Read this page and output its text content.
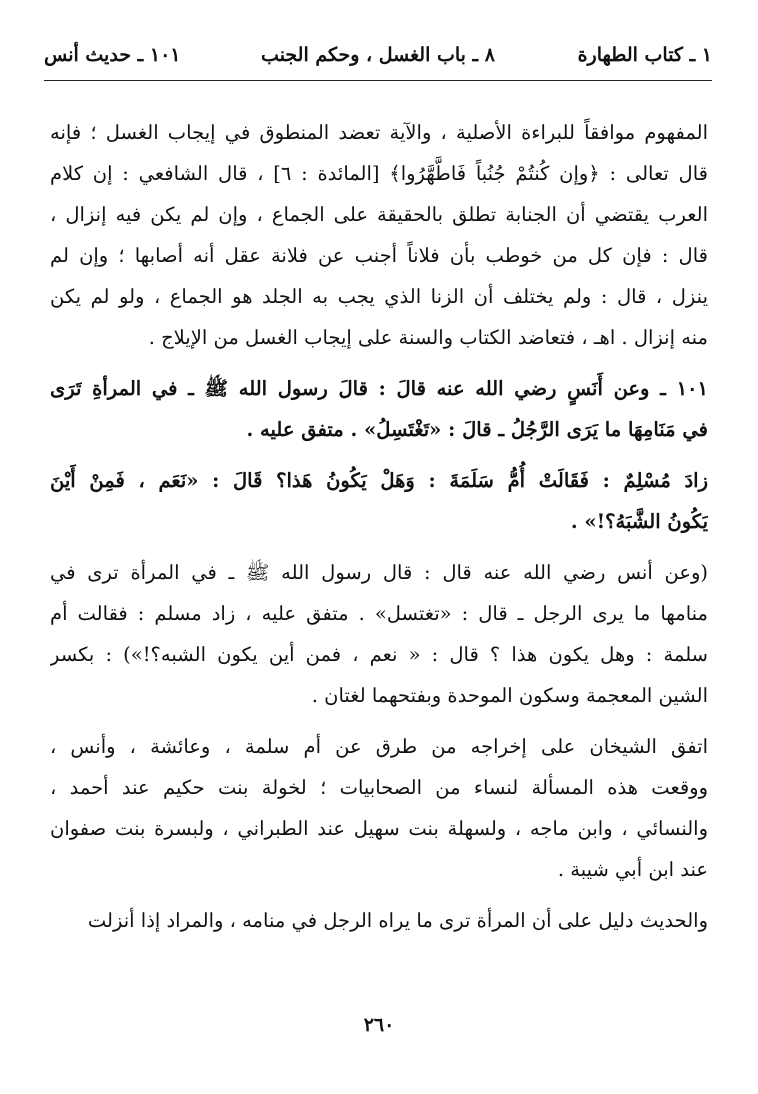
١ ـ كتاب الطهارة
٨ ـ باب الغسل ، وحكم الجنب
١٠١ ـ حديث أنس
المفهوم موافقاً للبراءة الأصلية ، والآية تعضد المنطوق في إيجاب الغسل ؛ فإنه
قال تعالى : ﴿وإن كُنتُمْ جُنُباً فَاطَّهَّرُوا﴾ [المائدة : ٦] ، قال الشافعي : إن كلام
العرب يقتضي أن الجنابة تطلق بالحقيقة على الجماع ، وإن لم يكن فيه إنزال ،
قال : فإن كل من خوطب بأن فلاناً أجنب عن فلانة عقل أنه أصابها ؛ وإن لم
ينزل ، قال : ولم يختلف أن الزنا الذي يجب به الجلد هو الجماع ، ولو لم يكن
منه إنزال . اهـ ، فتعاضد الكتاب والسنة على إيجاب الغسل من الإيلاج .
١٠١ ـ وعن أَنَسٍ رضي الله عنه قالَ : قالَ رسول الله ﷺ ـ في المرأةِ تَرَى
في مَنَامِهَا ما يَرَى الرَّجُلُ ـ قالَ : «تَغْتَسِلُ» . متفق عليه .
زادَ مُسْلِمٌ : فَقَالَتْ أُمُّ سَلَمَةَ : وَهَلْ يَكُونُ هَذا؟ قَالَ : «نَعَم ، فَمِنْ أَيْنَ
يَكُونُ الشَّبَهُ؟!» .
(وعن أنس رضي الله عنه قال : قال رسول الله ﷺ ـ في المرأة ترى في
منامها ما يرى الرجل ـ قال : «تغتسل» . متفق عليه ، زاد مسلم : فقالت أم
سلمة : وهل يكون هذا ؟ قال : « نعم ، فمن أين يكون الشبه؟!») : بكسر
الشين المعجمة وسكون الموحدة وبفتحهما لغتان .
اتفق الشيخان على إخراجه من طرق عن أم سلمة ، وعائشة ، وأنس ،
ووقعت هذه المسألة لنساء من الصحابيات ؛ لخولة بنت حكيم عند أحمد ،
والنسائي ، وابن ماجه ، ولسهلة بنت سهيل عند الطبراني ، ولبسرة بنت صفوان
عند ابن أبي شيبة .
والحديث دليل على أن المرأة ترى ما يراه الرجل في منامه ، والمراد إذا أنزلت
٢٦٠
